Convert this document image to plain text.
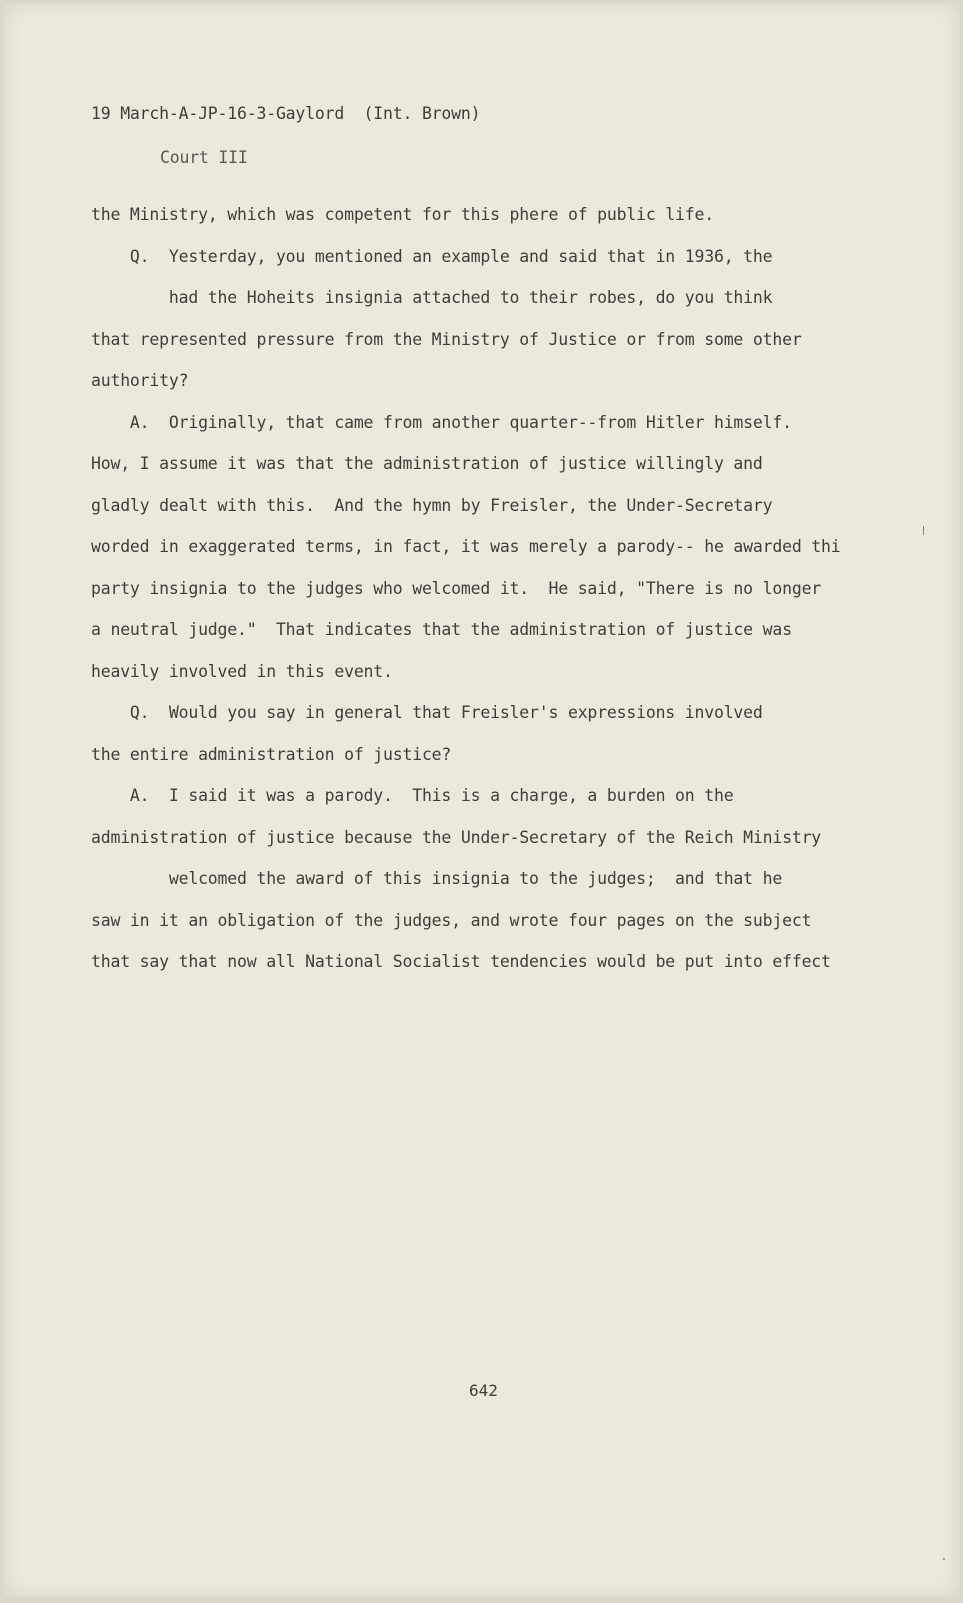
19 March-A-JP-16-3-Gaylord  (Int. Brown)
Court III
the Ministry, which was competent for this phere of public life.
Q.  Yesterday, you mentioned an example and said that in 1936, the
had the Hoheits insignia attached to their robes, do you think
that represented pressure from the Ministry of Justice or from some other
authority?
A.  Originally, that came from another quarter--from Hitler himself.
How, I assume it was that the administration of justice willingly and
gladly dealt with this.  And the hymn by Freisler, the Under-Secretary
worded in exaggerated terms, in fact, it was merely a parody-- he awarded thi
party insignia to the judges who welcomed it.  He said, "There is no longer
a neutral judge."  That indicates that the administration of justice was
heavily involved in this event.
Q.  Would you say in general that Freisler's expressions involved
the entire administration of justice?
A.  I said it was a parody.  This is a charge, a burden on the
administration of justice because the Under-Secretary of the Reich Ministry
welcomed the award of this insignia to the judges;  and that he
saw in it an obligation of the judges, and wrote four pages on the subject
that say that now all National Socialist tendencies would be put into effect
642
